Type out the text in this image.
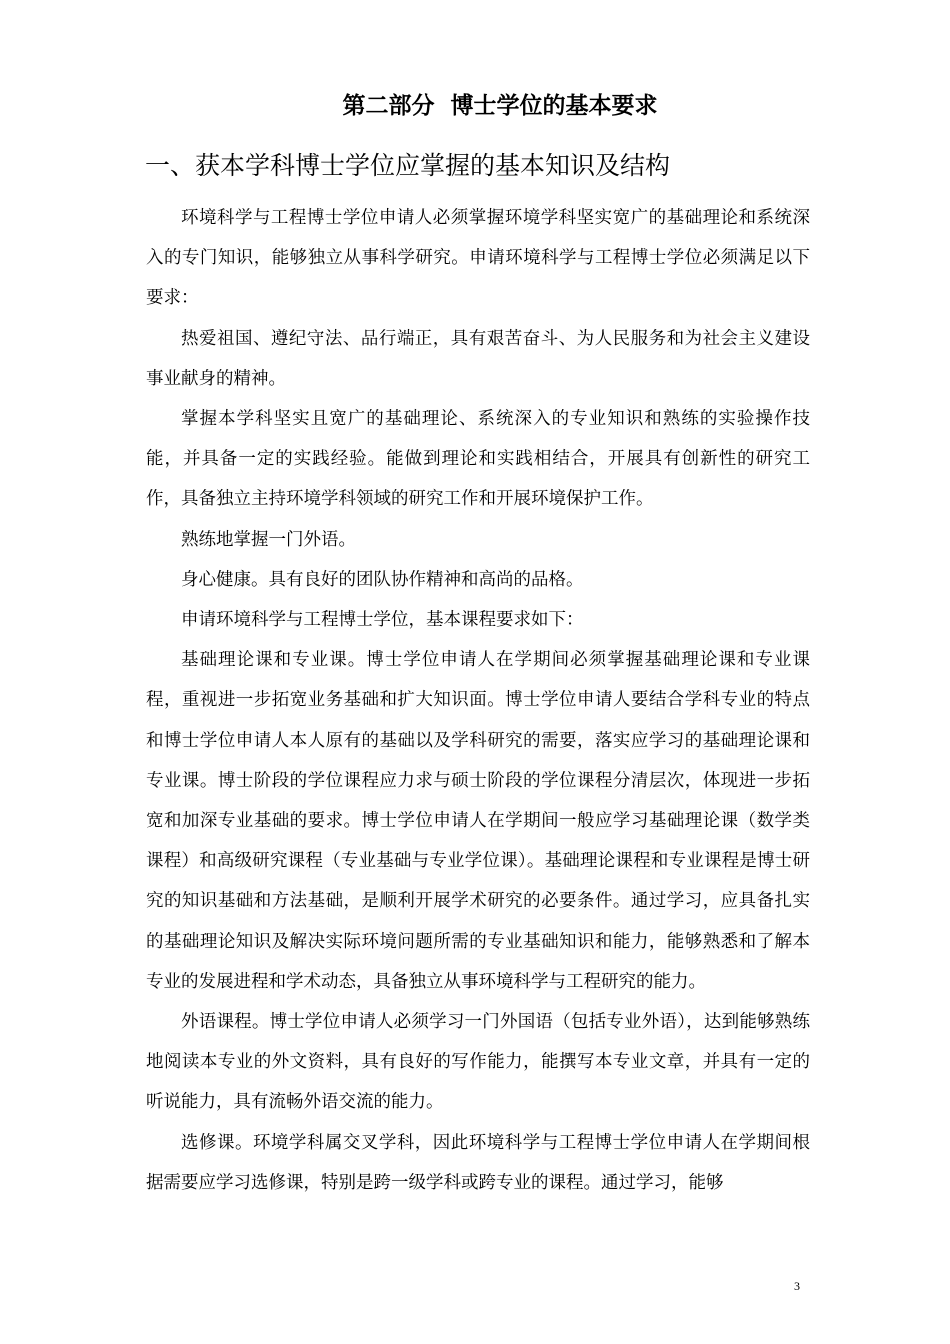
第二部分  博士学位的基本要求
一、获本学科博士学位应掌握的基本知识及结构

环境科学与工程博士学位申请人必须掌握环境学科坚实宽广的基础理论和系统深入的专门知识，能够独立从事科学研究。申请环境科学与工程博士学位必须满足以下要求：

热爱祖国、遵纪守法、品行端正，具有艰苦奋斗、为人民服务和为社会主义建设事业献身的精神。

掌握本学科坚实且宽广的基础理论、系统深入的专业知识和熟练的实验操作技能，并具备一定的实践经验。能做到理论和实践相结合，开展具有创新性的研究工作，具备独立主持环境学科领域的研究工作和开展环境保护工作。

熟练地掌握一门外语。

身心健康。具有良好的团队协作精神和高尚的品格。

申请环境科学与工程博士学位，基本课程要求如下：

基础理论课和专业课。博士学位申请人在学期间必须掌握基础理论课和专业课程，重视进一步拓宽业务基础和扩大知识面。博士学位申请人要结合学科专业的特点和博士学位申请人本人原有的基础以及学科研究的需要，落实应学习的基础理论课和专业课。博士阶段的学位课程应力求与硕士阶段的学位课程分清层次，体现进一步拓宽和加深专业基础的要求。博士学位申请人在学期间一般应学习基础理论课（数学类课程）和高级研究课程（专业基础与专业学位课）。基础理论课程和专业课程是博士研究的知识基础和方法基础，是顺利开展学术研究的必要条件。通过学习，应具备扎实的基础理论知识及解决实际环境问题所需的专业基础知识和能力，能够熟悉和了解本专业的发展进程和学术动态，具备独立从事环境科学与工程研究的能力。

外语课程。博士学位申请人必须学习一门外国语（包括专业外语），达到能够熟练地阅读本专业的外文资料，具有良好的写作能力，能撰写本专业文章，并具有一定的听说能力，具有流畅外语交流的能力。

选修课。环境学科属交叉学科，因此环境科学与工程博士学位申请人在学期间根据需要应学习选修课，特别是跨一级学科或跨专业的课程。通过学习，能够

3
